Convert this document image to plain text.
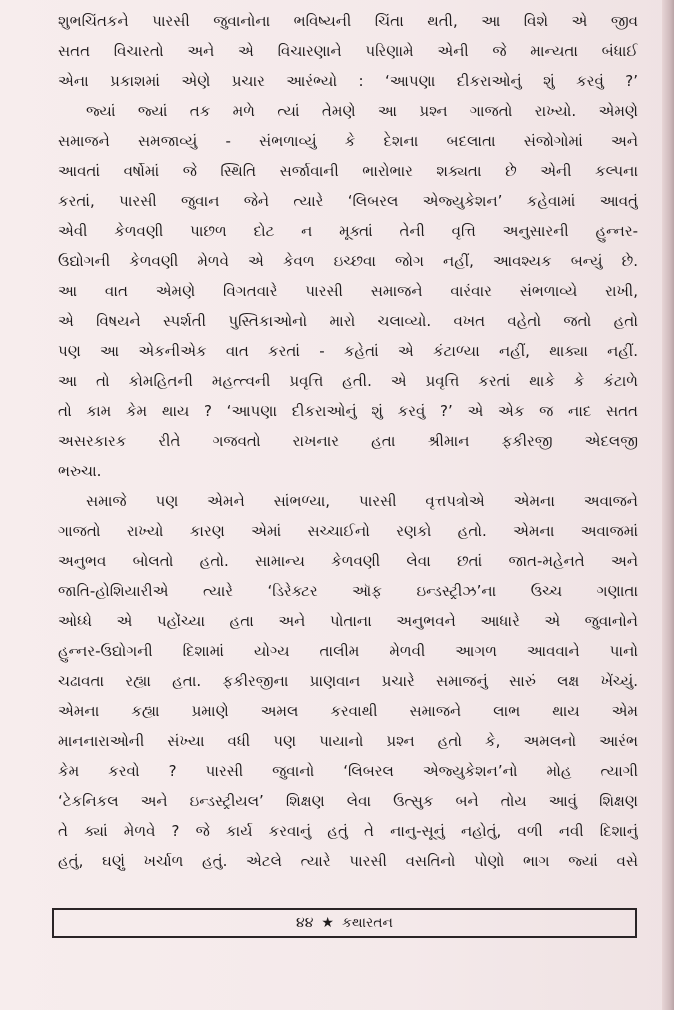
શુભચિંતકને પારસી જુવાનોના ભવિષ્યની ચિંતા થતી, આ વિશે એ જીવ
સતત વિચારતો અને એ વિચારણાને પરિણામે એની જે માન્યતા બંધાઈ
એના પ્રકાશમાં એણે પ્રચાર આરંભ્યો : ‘આપણા દીકરાઓનું શું કરવું ?’
જ્યાં જ્યાં તક મળે ત્યાં તેમણે આ પ્રશ્ન ગાજતો રાખ્યો. એમણે
સમાજને સમજાવ્યું - સંભળાવ્યું કે દેશના બદલાતા સંજોગોમાં અને
આવતાં વર્ષોમાં જે સ્થિતિ સર્જાવાની ભારોભાર શક્યતા છે એની કલ્પના
કરતાં, પારસી જુવાન જેને ત્યારે ‘લિબરલ એજ્યુકેશન’ કહેવામાં આવતું
એવી કેળવણી પાછળ દોટ ન મૂક્તાં તેની વૃત્તિ અનુસારની હુન્નર-
ઉદ્યોગની કેળવણી મેળવે એ કેવળ ઇચ્છવા જોગ નહીં, આવશ્યક બન્યું છે.
આ વાત એમણે વિગતવારે પારસી સમાજને વારંવાર સંભળાવ્યે રાખી,
એ વિષયને સ્પર્શતી પુસ્તિકાઓનો મારો ચલાવ્યો. વખત વહેતો જતો હતો
પણ આ એકનીએક વાત કરતાં - કહેતાં એ કંટાળ્યા નહીં, થાક્યા નહીં.
આ તો કોમહિતની મહત્ત્વની પ્રવૃત્તિ હતી. એ પ્રવૃત્તિ કરતાં થાકે કે કંટાળે
તો કામ કેમ થાય ? ‘આપણા દીકરાઓનું શું કરવું ?’ એ એક જ નાદ સતત
અસરકારક રીતે ગજવતો રાખનાર હતા શ્રીમાન ફકીરજી એદલજી
ભરુચા.
સમાજે પણ એમને સાંભળ્યા, પારસી વૃત્તપત્રોએ એમના અવાજને
ગાજતો રાખ્યો કારણ એમાં સચ્ચાઈનો રણકો હતો. એમના અવાજમાં
અનુભવ બોલતો હતો. સામાન્ય કેળવણી લેવા છતાં જાત-મહેનતે અને
જાતિ-હોશિયારીએ ત્યારે ‘ડિરેક્ટર ઑફ ઇન્ડસ્ટ્રીઝ’ના ઉચ્ચ ગણાતા
ઓધ્ધે એ પહોંચ્યા હતા અને પોતાના અનુભવને આધારે એ જુવાનોને
હુન્નર-ઉદ્યોગની દિશામાં યોગ્ય તાલીમ મેળવી આગળ આવવાને પાનો
ચઢાવતા રહ્યા હતા. ફકીરજીના પ્રાણવાન પ્રચારે સમાજનું સારું લક્ષ ખેંચ્યું.
એમના કહ્યા પ્રમાણે અમલ કરવાથી સમાજને લાભ થાય એમ
માનનારાઓની સંખ્યા વધી પણ પાયાનો પ્રશ્ન હતો કે, અમલનો આરંભ
કેમ કરવો ? પારસી જુવાનો ‘લિબરલ એજ્યુકેશન’નો મોહ ત્યાગી
‘ટેકનિકલ અને ઇન્ડસ્ટ્રીયલ’ શિક્ષણ લેવા ઉત્સુક બને તોય આવું શિક્ષણ
તે ક્યાં મેળવે ? જે કાર્ય કરવાનું હતું તે નાનુ-સૂનું નહોતું, વળી નવી દિશાનું
હતું, ઘણું ખર્ચાળ હતું. એટલે ત્યારે પારસી વસતિનો પોણો ભાગ જ્યાં વસે
૪૪ ★ કથારતન
